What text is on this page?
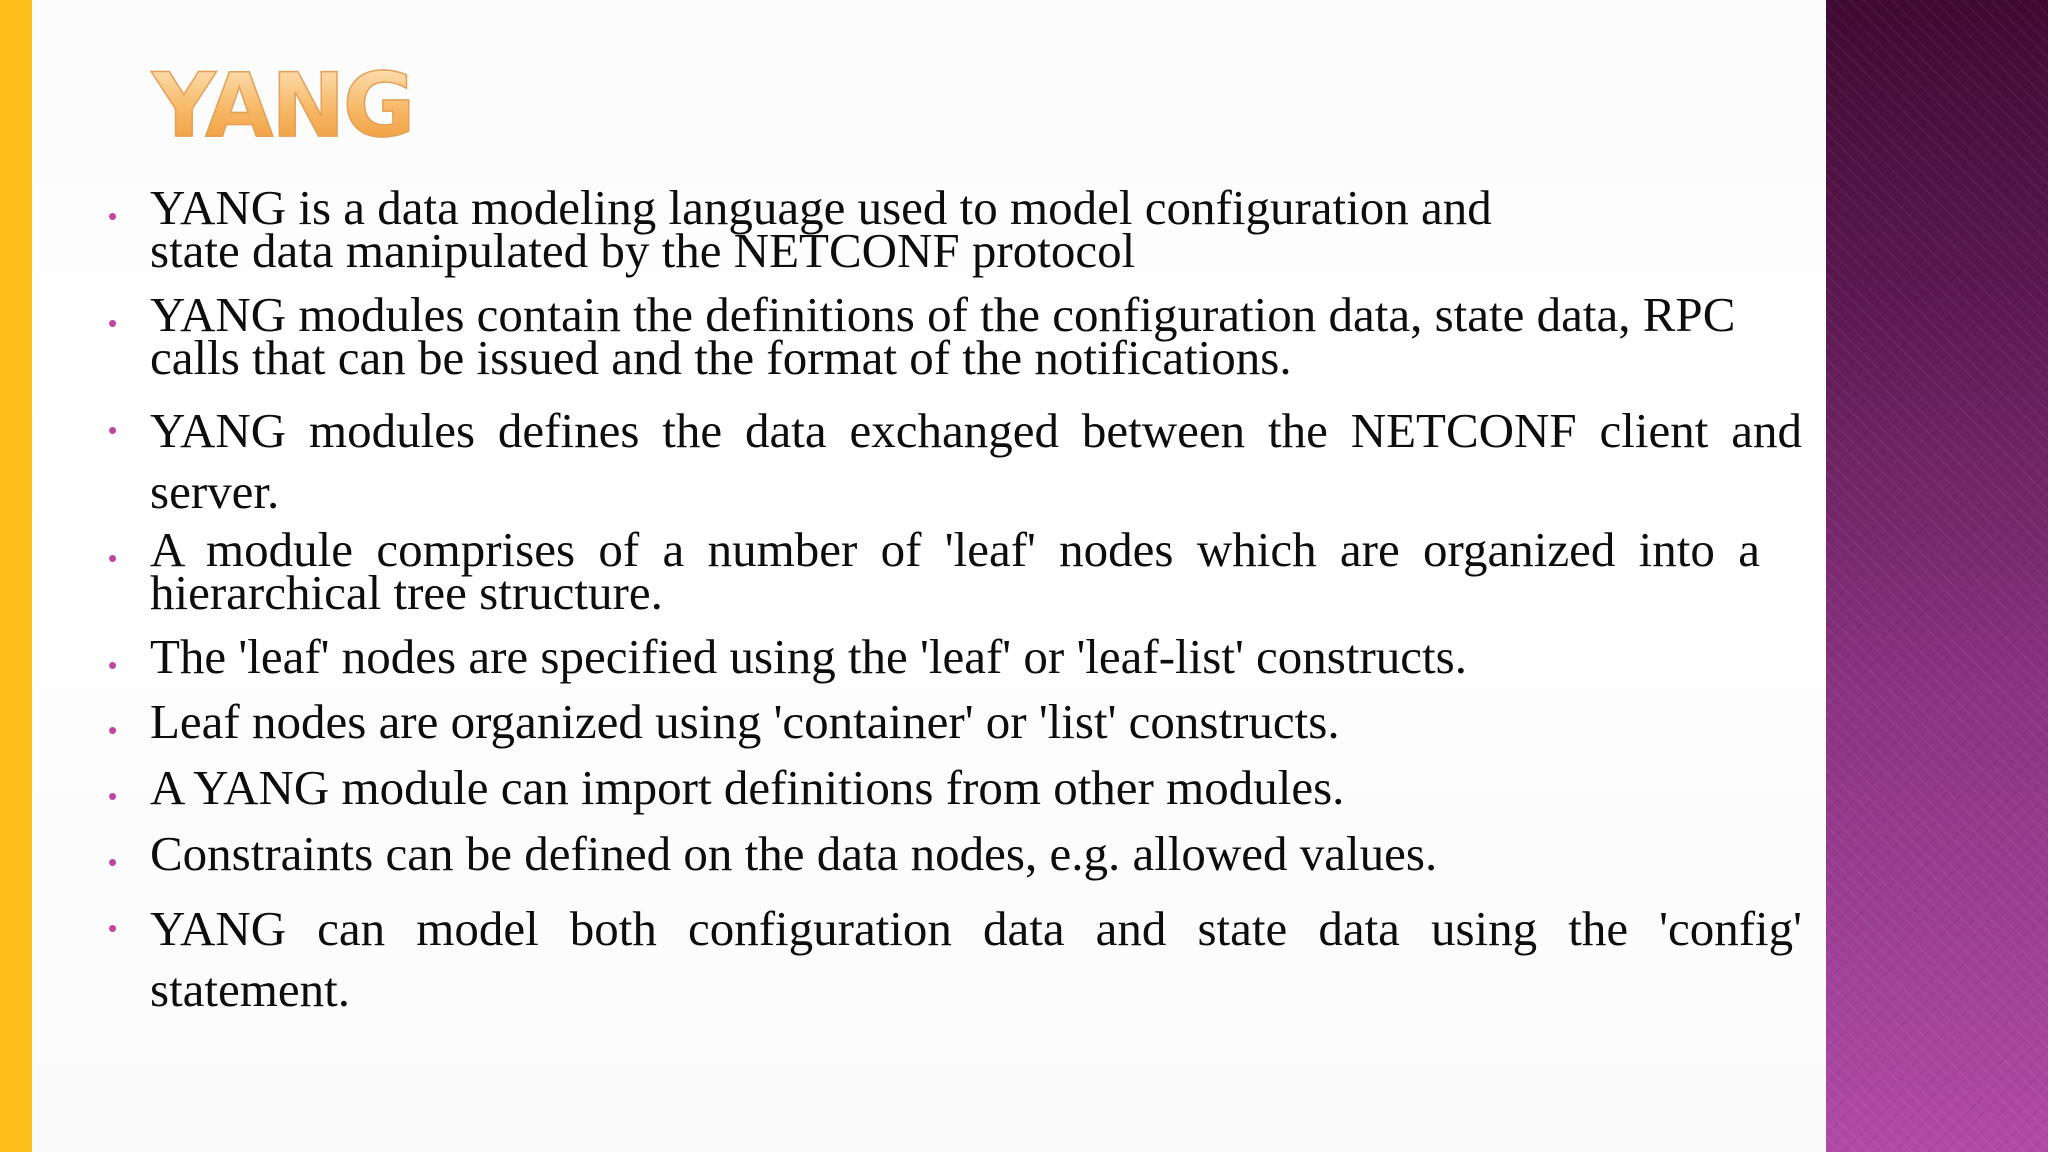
YANG
• YANG is a data modeling language used to model configuration and state data manipulated by the NETCONF protocol
• YANG modules contain the definitions of the configuration data, state data, RPC calls that can be issued and the format of the notifications.
• YANG modules defines the data exchanged between the NETCONF client and server.
• A module comprises of a number of 'leaf' nodes which are organized into a hierarchical tree structure.
• The 'leaf' nodes are specified using the 'leaf' or 'leaf-list' constructs.
• Leaf nodes are organized using 'container' or 'list' constructs.
• A YANG module can import definitions from other modules.
• Constraints can be defined on the data nodes, e.g. allowed values.
• YANG can model both configuration data and state data using the 'config' statement.
